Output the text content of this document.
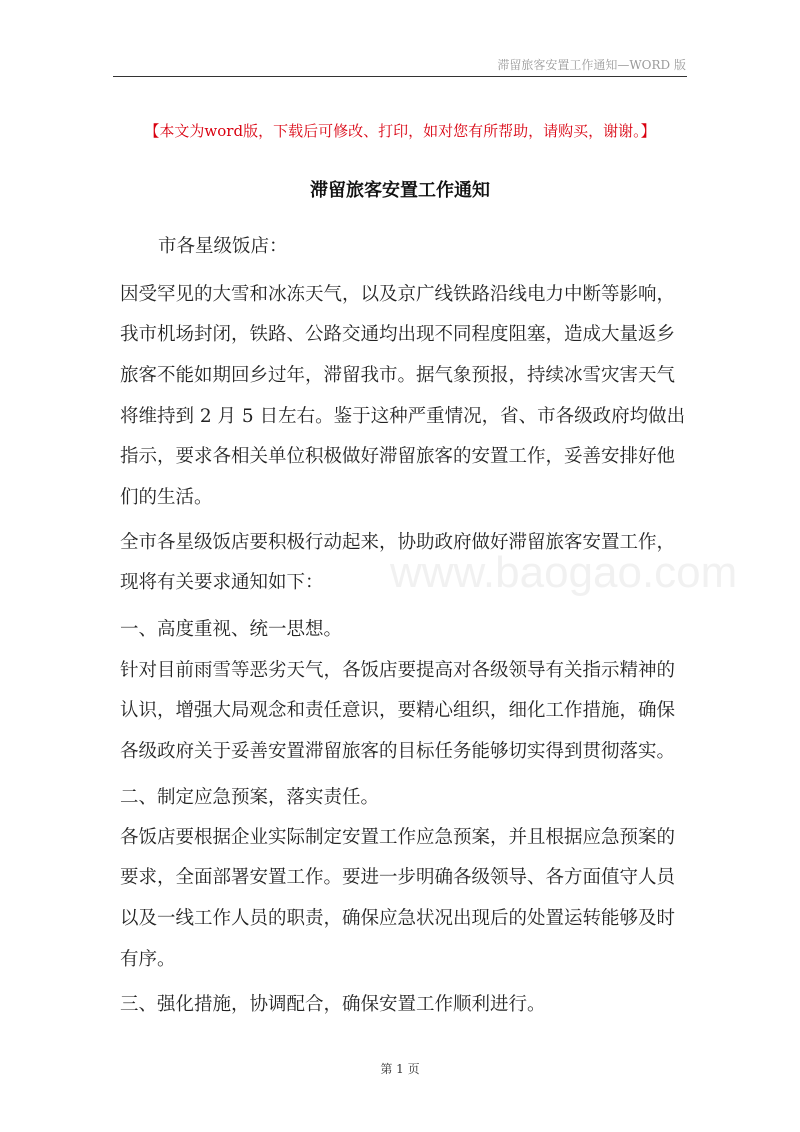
滞留旅客安置工作通知—WORD 版
【本文为word版，下载后可修改、打印，如对您有所帮助，请购买，谢谢。】
滞留旅客安置工作通知
市各星级饭店：
因受罕见的大雪和冰冻天气，以及京广线铁路沿线电力中断等影响，
我市机场封闭，铁路、公路交通均出现不同程度阻塞，造成大量返乡
旅客不能如期回乡过年，滞留我市。据气象预报，持续冰雪灾害天气
将维持到 2 月 5 日左右。鉴于这种严重情况，省、市各级政府均做出
指示，要求各相关单位积极做好滞留旅客的安置工作，妥善安排好他
们的生活。
全市各星级饭店要积极行动起来，协助政府做好滞留旅客安置工作，
现将有关要求通知如下：
一、高度重视、统一思想。
针对目前雨雪等恶劣天气，各饭店要提高对各级领导有关指示精神的
认识，增强大局观念和责任意识，要精心组织，细化工作措施，确保
各级政府关于妥善安置滞留旅客的目标任务能够切实得到贯彻落实。
二、制定应急预案，落实责任。
各饭店要根据企业实际制定安置工作应急预案，并且根据应急预案的
要求，全面部署安置工作。要进一步明确各级领导、各方面值守人员
以及一线工作人员的职责，确保应急状况出现后的处置运转能够及时
有序。
三、强化措施，协调配合，确保安置工作顺利进行。
www.baogao.com
第 1 页
